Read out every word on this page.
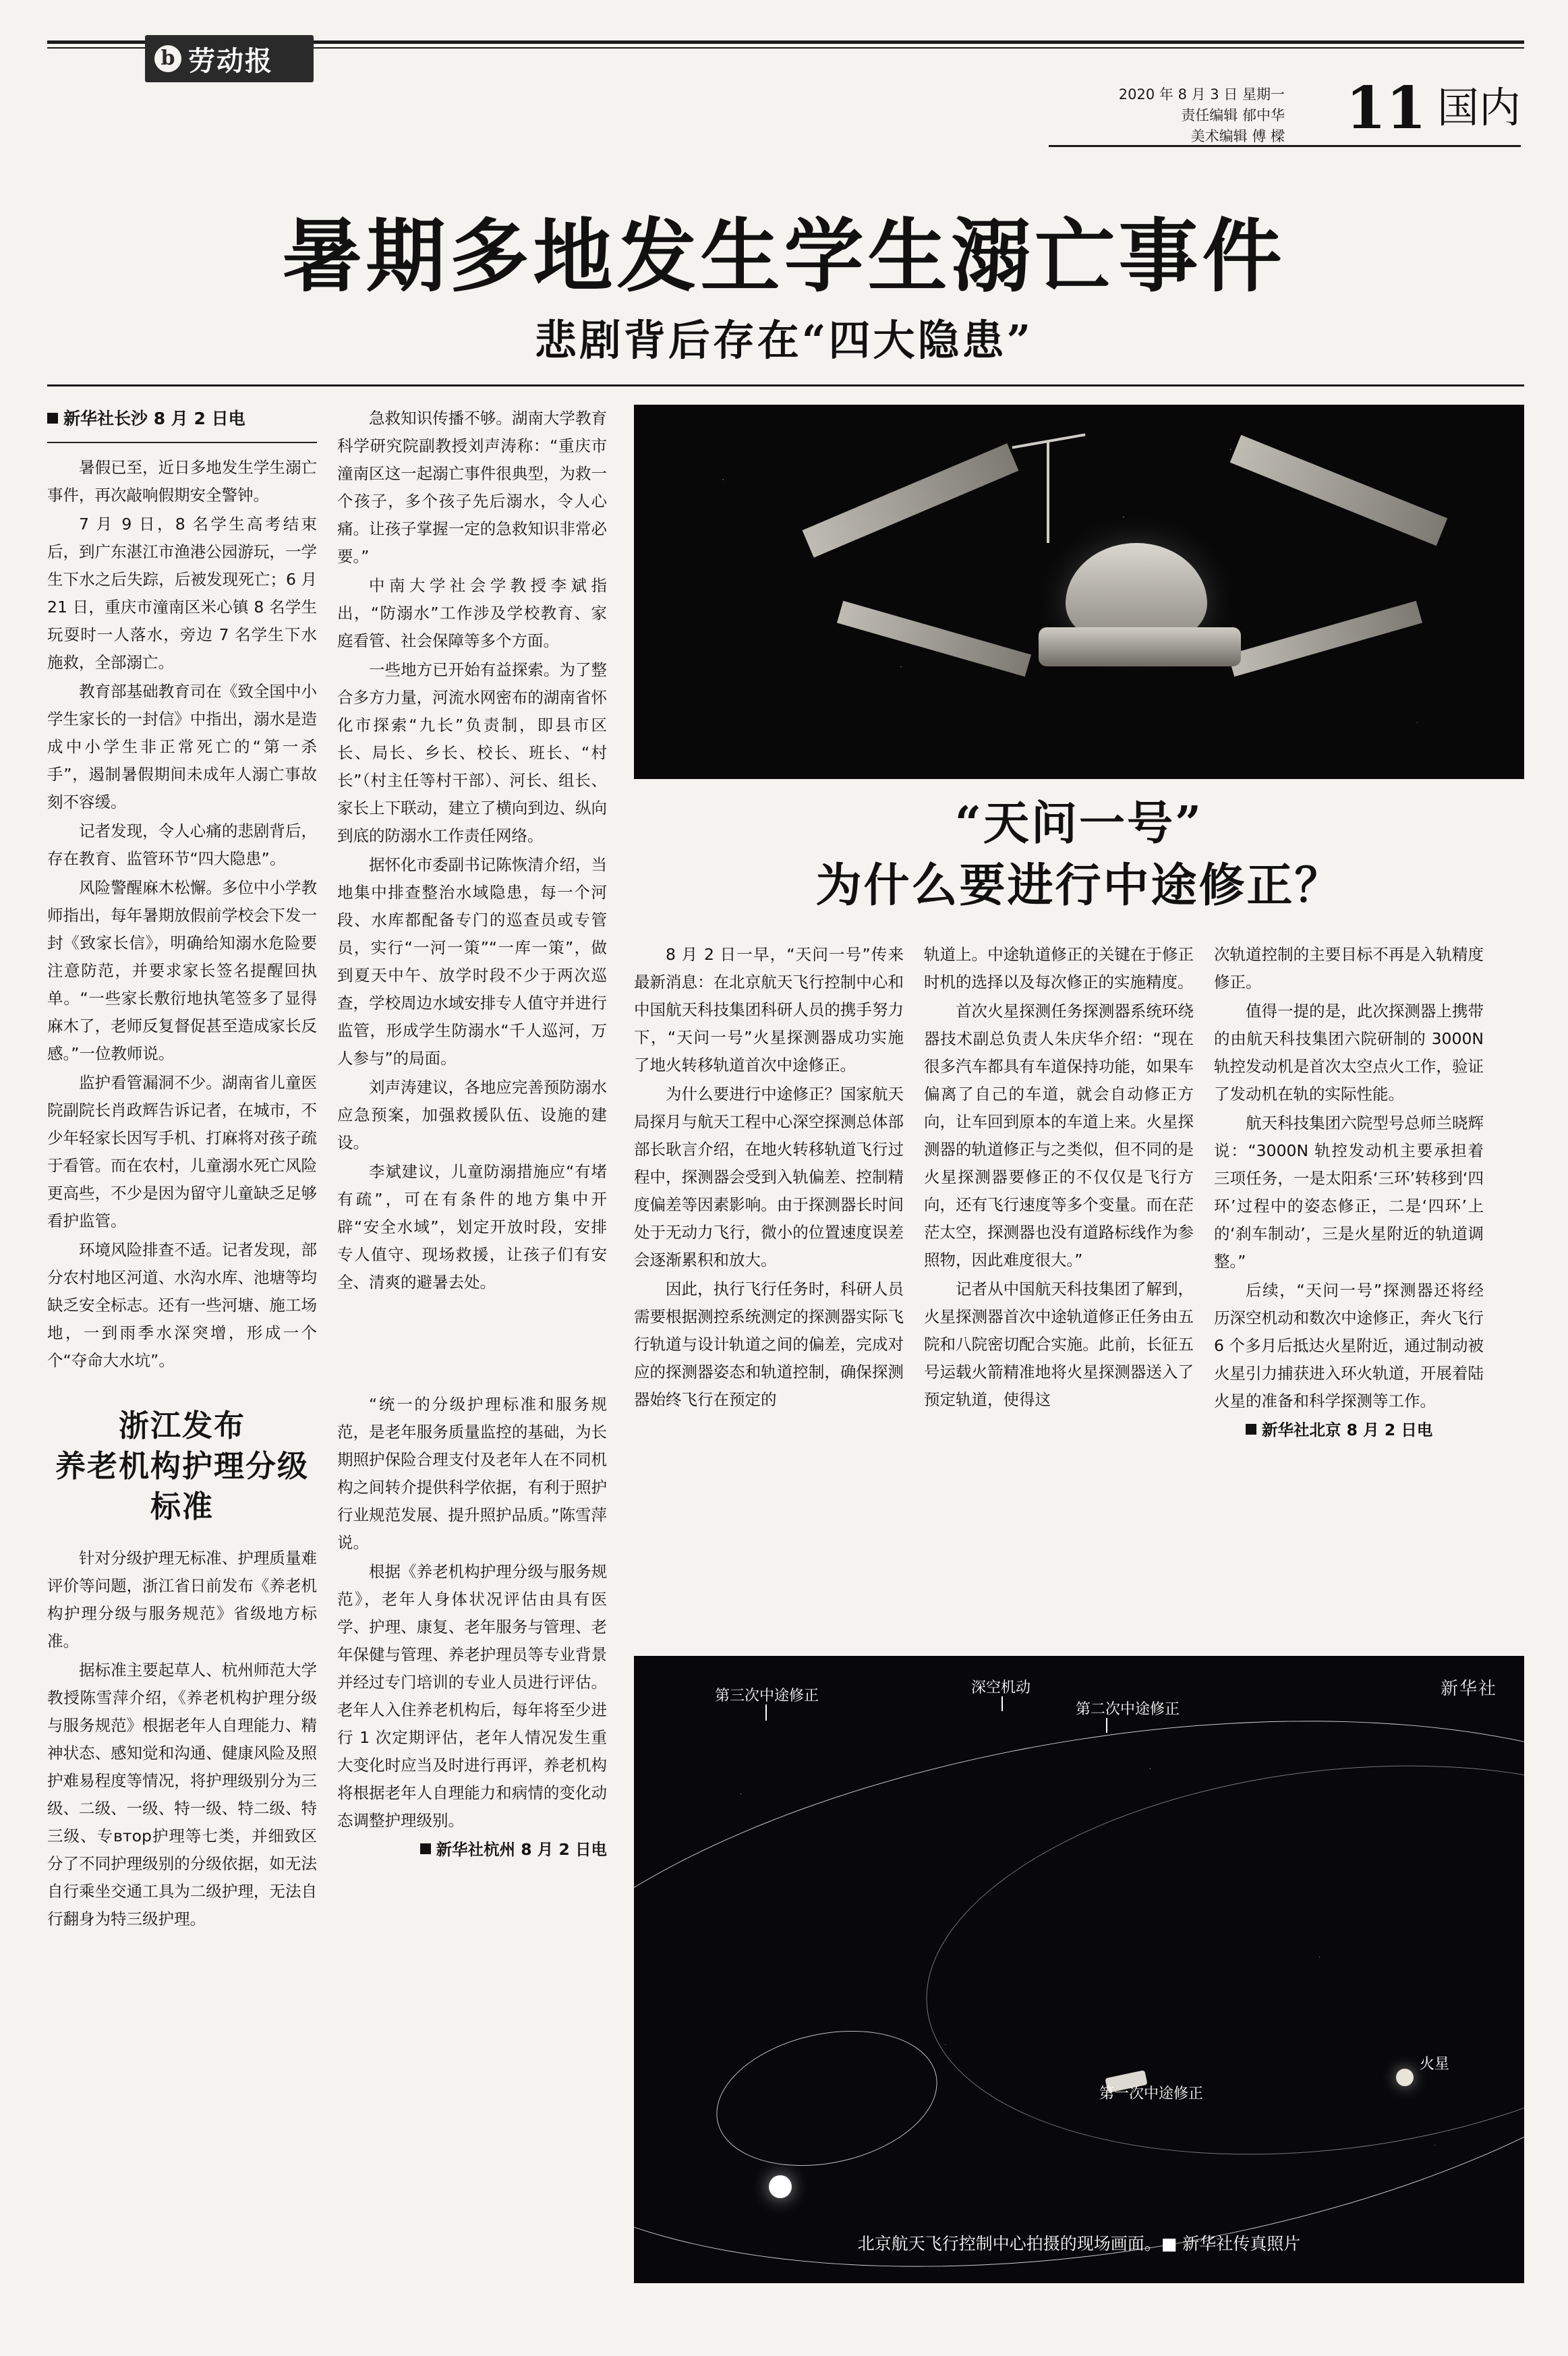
b 劳动报
2020 年 8 月 3 日 星期一
责任编辑 郁中华
美术编辑 傅 樑 11 国内
暑期多地发生学生溺亡事件
悲剧背后存在“四大隐患”
新华社长沙 8 月 2 日电

暑假已至，近日多地发生学生溺亡事件，再次敲响假期安全警钟。

7 月 9 日，8 名学生高考结束后，到广东湛江市渔港公园游玩，一学生下水之后失踪，后被发现死亡；6 月 21 日，重庆市潼南区米心镇 8 名学生玩耍时一人落水，旁边 7 名学生下水施救，全部溺亡。

教育部基础教育司在《致全国中小学生家长的一封信》中指出，溺水是造成中小学生非正常死亡的“第一杀手”，遏制暑假期间未成年人溺亡事故刻不容缓。

记者发现，令人心痛的悲剧背后，存在教育、监管环节“四大隐患”。

风险警醒麻木松懈。多位中小学教师指出，每年暑期放假前学校会下发一封《致家长信》，明确给知溺水危险要注意防范，并要求家长签名提醒回执单。“一些家长敷衍地执笔签多了显得麻木了，老师反复督促甚至造成家长反感。”一位教师说。

监护看管漏洞不少。湖南省儿童医院副院长肖政辉告诉记者，在城市，不少年轻家长因写手机、打麻将对孩子疏于看管。而在农村，儿童溺水死亡风险更高些，不少是因为留守儿童缺乏足够看护监管。

环境风险排查不适。记者发现，部分农村地区河道、水沟水库、池塘等均缺乏安全标志。还有一些河塘、施工场地，一到雨季水深突增，形成一个个“夺命大水坑”。

浙江发布
养老机构护理分级标准

针对分级护理无标准、护理质量难评价等问题，浙江省日前发布《养老机构护理分级与服务规范》省级地方标准。

据标准主要起草人、杭州师范大学教授陈雪萍介绍，《养老机构护理分级与服务规范》根据老年人自理能力、精神状态、感知觉和沟通、健康风险及照护难易程度等情况，将护理级别分为三级、二级、一级、特一级、特二级、特三级、专втор护理等七类，并细致区分了不同护理级别的分级依据，如无法自行乘坐交通工具为二级护理，无法自行翻身为特三级护理。

急救知识传播不够。湖南大学教育科学研究院副教授刘声涛称：“重庆市潼南区这一起溺亡事件很典型，为救一个孩子，多个孩子先后溺水，令人心痛。让孩子掌握一定的急救知识非常必要。”

中南大学社会学教授李斌指出，“防溺水”工作涉及学校教育、家庭看管、社会保障等多个方面。

一些地方已开始有益探索。为了整合多方力量，河流水网密布的湖南省怀化市探索“九长”负责制，即县市区长、局长、乡长、校长、班长、“村长”（村主任等村干部）、河长、组长、家长上下联动，建立了横向到边、纵向到底的防溺水工作责任网络。

据怀化市委副书记陈恢清介绍，当地集中排查整治水域隐患，每一个河段、水库都配备专门的巡查员或专管员，实行“一河一策”“一库一策”，做到夏天中午、放学时段不少于两次巡查，学校周边水域安排专人值守并进行监管，形成学生防溺水“千人巡河，万人参与”的局面。

刘声涛建议，各地应完善预防溺水应急预案，加强救援队伍、设施的建设。

李斌建议，儿童防溺措施应“有堵有疏”，可在有条件的地方集中开辟“安全水域”，划定开放时段，安排专人值守、现场救援，让孩子们有安全、清爽的避暑去处。

“统一的分级护理标准和服务规范，是老年服务质量监控的基础，为长期照护保险合理支付及老年人在不同机构之间转介提供科学依据，有利于照护行业规范发展、提升照护品质。”陈雪萍说。

根据《养老机构护理分级与服务规范》，老年人身体状况评估由具有医学、护理、康复、老年服务与管理、老年保健与管理、养老护理员等专业背景并经过专门培训的专业人员进行评估。老年人入住养老机构后，每年将至少进行 1 次定期评估，老年人情况发生重大变化时应当及时进行再评，养老机构将根据老年人自理能力和病情的变化动态调整护理级别。

新华社杭州 8 月 2 日电

“天问一号”
为什么要进行中途修正？

8 月 2 日一早，“天问一号”传来最新消息：在北京航天飞行控制中心和中国航天科技集团科研人员的携手努力下，“天问一号”火星探测器成功实施了地火转移轨道首次中途修正。

为什么要进行中途修正？国家航天局探月与航天工程中心深空探测总体部部长耿言介绍，在地火转移轨道飞行过程中，探测器会受到入轨偏差、控制精度偏差等因素影响。由于探测器长时间处于无动力飞行，微小的位置速度误差会逐渐累积和放大。

因此，执行飞行任务时，科研人员需要根据测控系统测定的探测器实际飞行轨道与设计轨道之间的偏差，完成对应的探测器姿态和轨道控制，确保探测器始终飞行在预定的

轨道上。中途轨道修正的关键在于修正时机的选择以及每次修正的实施精度。

首次火星探测任务探测器系统环绕器技术副总负责人朱庆华介绍：“现在很多汽车都具有车道保持功能，如果车偏离了自己的车道，就会自动修正方向，让车回到原本的车道上来。火星探测器的轨道修正与之类似，但不同的是火星探测器要修正的不仅仅是飞行方向，还有飞行速度等多个变量。而在茫茫太空，探测器也没有道路标线作为参照物，因此难度很大。”

记者从中国航天科技集团了解到，火星探测器首次中途轨道修正任务由五院和八院密切配合实施。此前，长征五号运载火箭精准地将火星探测器送入了预定轨道，使得这

次轨道控制的主要目标不再是入轨精度修正。

值得一提的是，此次探测器上携带的由航天科技集团六院研制的 3000N 轨控发动机是首次太空点火工作，验证了发动机在轨的实际性能。

航天科技集团六院型号总师兰晓辉说：“3000N 轨控发动机主要承担着三项任务，一是太阳系‘三环’转移到‘四环’过程中的姿态修正，二是‘四环’上的‘刹车制动’，三是火星附近的轨道调整。”

后续，“天问一号”探测器还将经历深空机动和数次中途修正，奔火飞行 6 个多月后抵达火星附近，通过制动被火星引力捕获进入环火轨道，开展着陆火星的准备和科学探测等工作。

新华社北京 8 月 2 日电

第三次中途修正	深空机动
第二次中途修正
第一次中途修正
火星
新华社
北京航天飞行控制中心拍摄的现场画面。■ 新华社传真照片
